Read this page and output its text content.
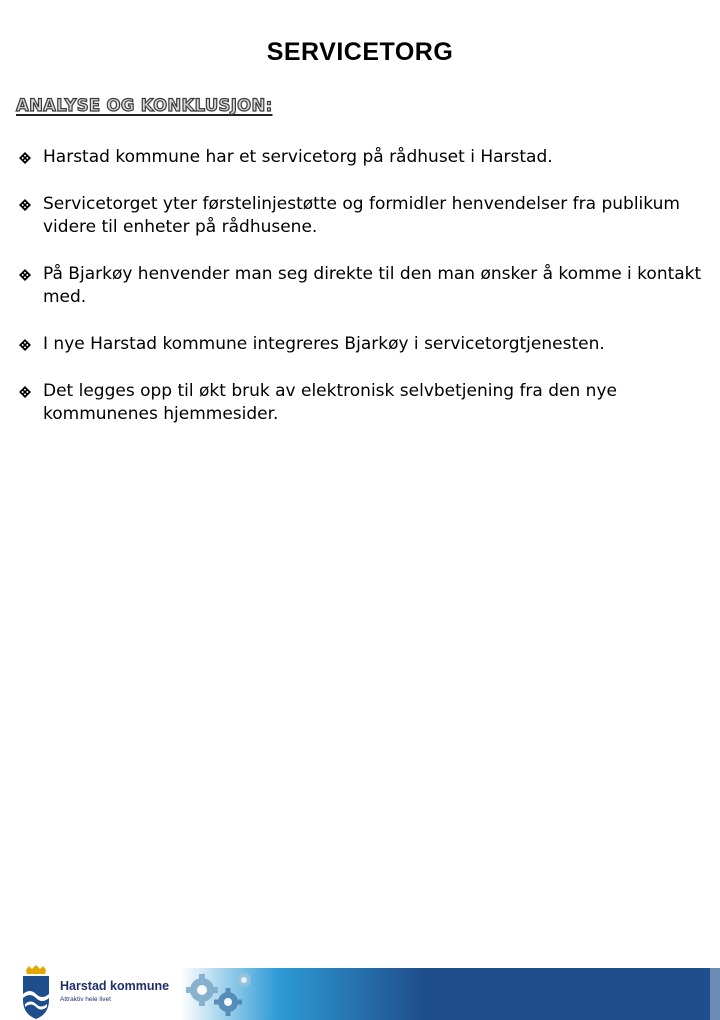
SERVICETORG
ANALYSE OG KONKLUSJON:
Harstad kommune har et servicetorg på rådhuset i Harstad.
Servicetorget yter førstelinjestøtte og formidler henvendelser fra publikum videre til enheter på rådhusene.
På Bjarkøy henvender man seg direkte til den man ønsker å komme i kontakt med.
I nye Harstad kommune integreres Bjarkøy i servicetorgtjenesten.
Det legges opp til økt bruk av elektronisk selvbetjening fra den nye kommunenes hjemmesider.
Harstad kommune
Attraktiv hele livet
